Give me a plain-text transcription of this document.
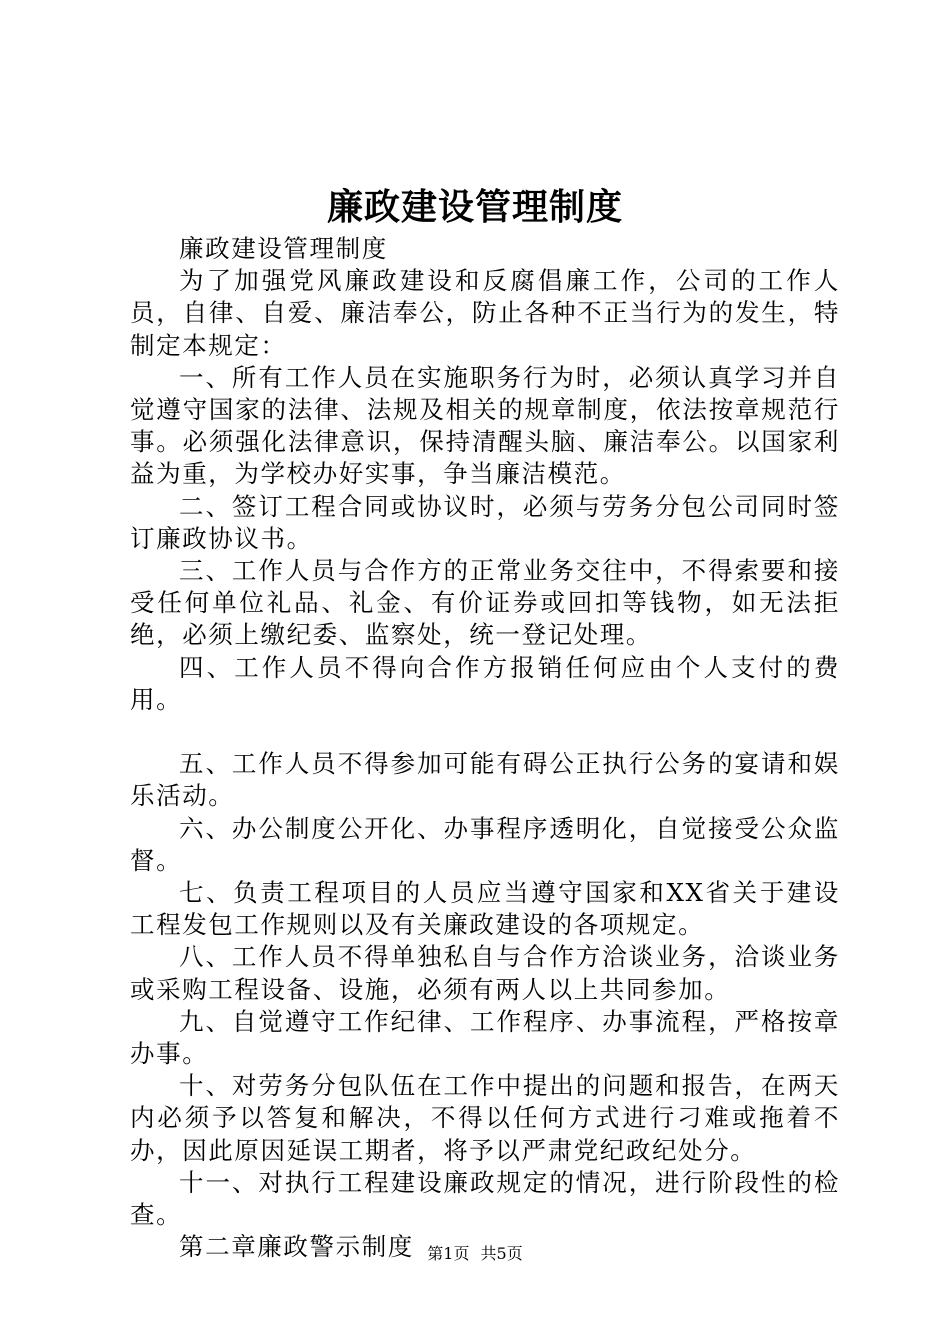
廉政建设管理制度

廉政建设管理制度

为了加强党风廉政建设和反腐倡廉工作，公司的工作人员，自律、自爱、廉洁奉公，防止各种不正当行为的发生，特制定本规定：

一、所有工作人员在实施职务行为时，必须认真学习并自觉遵守国家的法律、法规及相关的规章制度，依法按章规范行事。必须强化法律意识，保持清醒头脑、廉洁奉公。以国家利益为重，为学校办好实事，争当廉洁模范。

二、签订工程合同或协议时，必须与劳务分包公司同时签订廉政协议书。

三、工作人员与合作方的正常业务交往中，不得索要和接受任何单位礼品、礼金、有价证券或回扣等钱物，如无法拒绝，必须上缴纪委、监察处，统一登记处理。

四、工作人员不得向合作方报销任何应由个人支付的费用。

五、工作人员不得参加可能有碍公正执行公务的宴请和娱乐活动。

六、办公制度公开化、办事程序透明化，自觉接受公众监督。

七、负责工程项目的人员应当遵守国家和XX省关于建设工程发包工作规则以及有关廉政建设的各项规定。

八、工作人员不得单独私自与合作方洽谈业务，洽谈业务或采购工程设备、设施，必须有两人以上共同参加。

九、自觉遵守工作纪律、工作程序、办事流程，严格按章办事。

十、对劳务分包队伍在工作中提出的问题和报告，在两天内必须予以答复和解决，不得以任何方式进行刁难或拖着不办，因此原因延误工期者，将予以严肃党纪政纪处分。

十一、对执行工程建设廉政规定的情况，进行阶段性的检查。

第二章廉政警示制度 第1页 共5页
